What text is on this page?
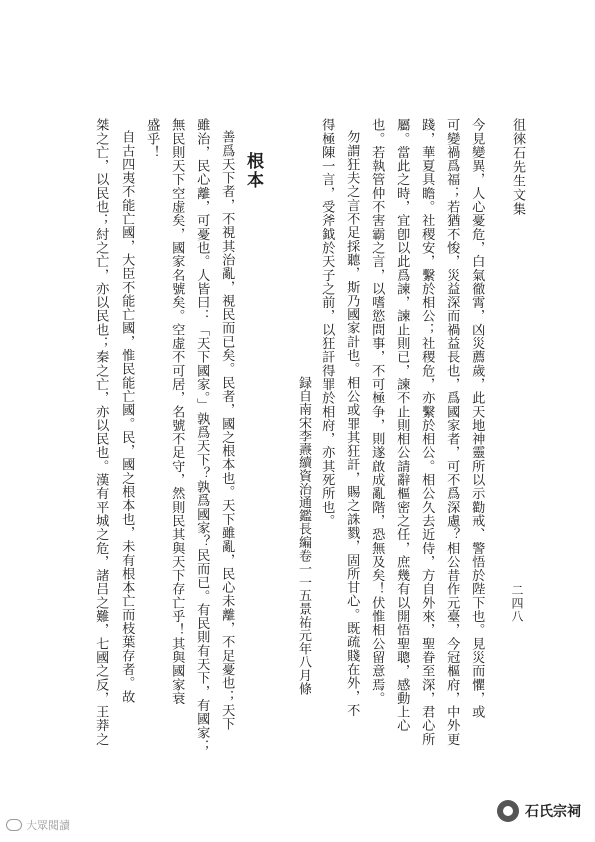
徂徠石先生文集
二四八
今見變異，人心憂危，白氣徹霄，凶災薦歲，此天地神靈所以示勸戒、警悟於陛下也。見災而懼，或
可變禍爲福；若猶不悛，災益深而禍益長也，爲國家者，可不爲深慮？相公昔作元臺，今冠樞府，中外更
踐，華夏具瞻。社稷安，繫於相公；社稷危，亦繫於相公。相公久去近侍，方自外來，聖眷至深，君心所
屬。當此之時，宜卽以此爲諫，諫止則已，諫不止則相公請辭樞密之任，庶幾有以開悟聖聰，感動上心
也。若執管仲不害霸之言，以嗜慾問事，不可極争，則遂啟成亂階，恐無及矣！伏惟相公留意焉。
勿謂狂夫之言不足採聽，斯乃國家計也。相公或罪其狂訐，賜之誅戮，固所甘心。既疏賤在外，不
得極陳一言，受斧鉞於天子之前，以狂訐得罪於相府，亦其死所也。
録自南宋李燾續資治通鑑長編卷一一五景祐元年八月條
根本
善爲天下者，不視其治亂，視民而已矣。民者，國之根本也。天下雖亂，民心未離，不足憂也；天下
雖治，民心離，可憂也。人皆曰：「天下國家。」孰爲天下？孰爲國家？民而已。有民則有天下，有國家；
無民則天下空虚矣，國家名號矣。空虚不可居，名號不足守，然則民其與天下存亡乎！其與國家衰
盛乎！
自古四夷不能亡國，大臣不能亡國，惟民能亡國。民，國之根本也，未有根本亡而枝葉存者。故
桀之亡，以民也；紂之亡，亦以民也；秦之亡，亦以民也。漢有平城之危，諸吕之難，七國之反，王莽之
大眾閱讀
石氏宗祠
